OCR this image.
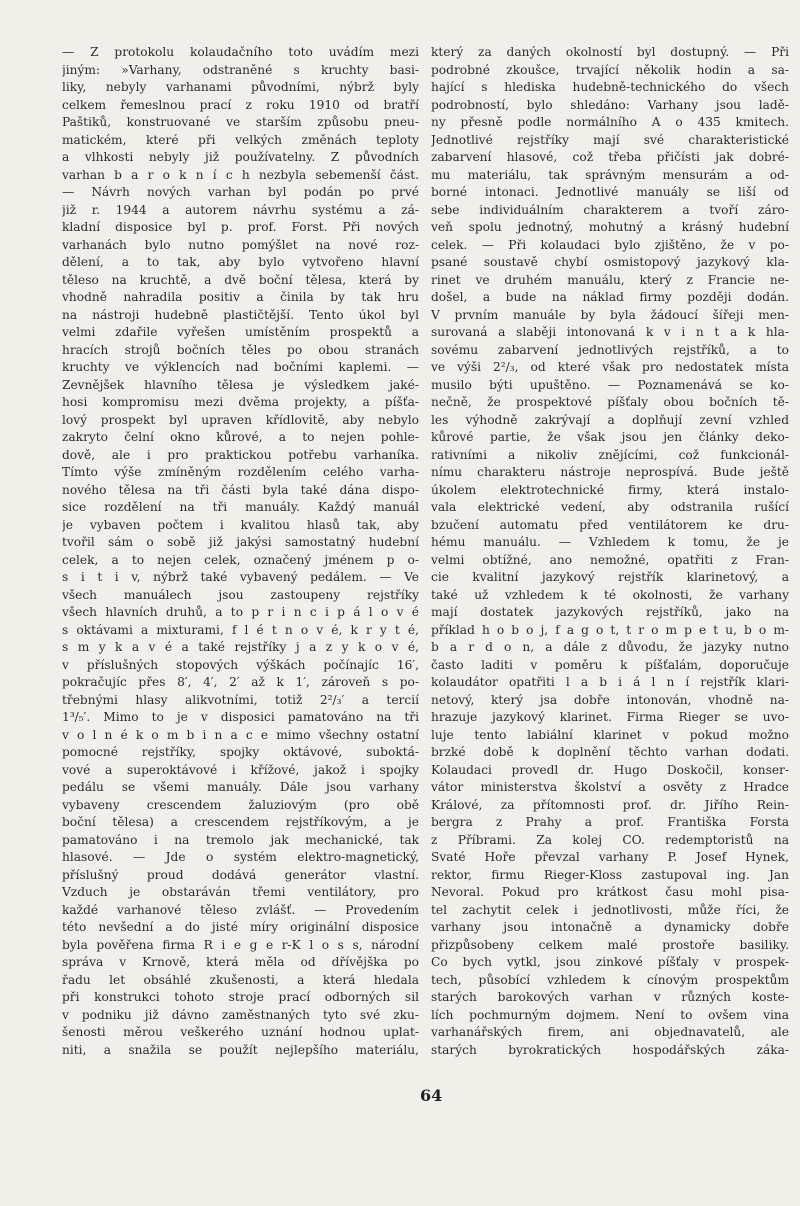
— Z protokolu kolaudačního toto uvádím mezi
jiným: »Varhany, odstraněné s kruchty basi-
liky, nebyly varhanami původními, nýbrž byly
celkem řemeslnou prací z roku 1910 od bratří
Paštiků, konstruované ve starším způsobu pneu-
matickém, které při velkých změnách teploty
a vlhkosti nebyly již používatelny. Z původních
varhan b a r o k n í c h nezbyla sebemenší část.
— Návrh nových varhan byl podán po prvé
již r. 1944 a autorem návrhu systému a zá-
kladní disposice byl p. prof. Forst. Při nových
varhanách bylo nutno pomýšlet na nové roz-
dělení, a to tak, aby bylo vytvořeno hlavní
těleso na kruchtě, a dvě boční tělesa, která by
vhodně nahradila positiv a činila by tak hru
na nástroji hudebně plastičtější. Tento úkol byl
velmi zdařile vyřešen umístěním prospektů a
hracích strojů bočních těles po obou stranách
kruchty ve výklencích nad bočními kaplemi. —
Zevnějšek hlavního tělesa je výsledkem jaké-
hosi kompromisu mezi dvěma projekty, a píšťa-
lový prospekt byl upraven křídlovitě, aby nebylo
zakryto čelní okno kůrové, a to nejen pohle-
dově, ale i pro praktickou potřebu varhaníka.
Tímto výše zmíněným rozdělením celého varha-
nového tělesa na tři části byla také dána dispo-
sice rozdělení na tři manuály. Každý manuál
je vybaven počtem i kvalitou hlasů tak, aby
tvořil sám o sobě již jakýsi samostatný hudební
celek, a to nejen celek, označený jménem p o-
s i t i v, nýbrž také vybavený pedálem. — Ve
všech manuálech jsou zastoupeny rejstříky
všech hlavních druhů, a to p r i n c i p á l o v é
s oktávami a mixturami, f l é t n o v é, k r y t é,
s m y k a v é a také rejstříky j a z y k o v é,
v příslušných stopových výškách počínajíc 16′,
pokračujíc přes 8′, 4′, 2′ až k 1′, zároveň s po-
třebnými hlasy alikvotními, totiž 2²/₃′ a tercií
1³/₅′. Mimo to je v disposici pamatováno na tři
v o l n é k o m b i n a c e mimo všechny ostatní
pomocné rejstříky, spojky oktávové, suboktá-
vové a superoktávové i křížové, jakož i spojky
pedálu se všemi manuály. Dále jsou varhany
vybaveny crescendem žaluziovým (pro obě
boční tělesa) a crescendem rejstříkovým, a je
pamatováno i na tremolo jak mechanické, tak
hlasové. — Jde o systém elektro-magnetický,
příslušný proud dodává generátor vlastní.
Vzduch je obstaráván třemi ventilátory, pro
každé varhanové těleso zvlášť. — Provedením
této nevšední a do jisté míry originální disposice
byla pověřena firma R i e g e r-K l o s s, národní
správa v Krnově, která měla od dřívějška po
řadu let obsáhlé zkušenosti, a která hledala
při konstrukci tohoto stroje prací odborných sil
v podniku již dávno zaměstnaných tyto své zku-
šenosti měrou veškerého uznání hodnou uplat-
niti, a snažila se použít nejlepšího materiálu,
který za daných okolností byl dostupný. — Při
podrobné zkoušce, trvající několik hodin a sa-
hající s hlediska hudebně-technického do všech
podrobností, bylo shledáno: Varhany jsou ladě-
ny přesně podle normálního A o 435 kmitech.
Jednotlivé rejstříky mají své charakteristické
zabarvení hlasové, což třeba přičísti jak dobré-
mu materiálu, tak správným mensurám a od-
borné intonaci. Jednotlivé manuály se liší od
sebe individuálním charakterem a tvoří záro-
veň spolu jednotný, mohutný a krásný hudební
celek. — Při kolaudaci bylo zjištěno, že v po-
psané soustavě chybí osmistopový jazykový kla-
rinet ve druhém manuálu, který z Francie ne-
došel, a bude na náklad firmy později dodán.
V prvním manuále by byla žádoucí šířeji men-
surovaná a slaběji intonovaná k v i n t a k hla-
sovému zabarvení jednotlivých rejstříků, a to
ve výši 2²/₃, od které však pro nedostatek místa
musilo býti upuštěno. — Poznamenává se ko-
nečně, že prospektové píšťaly obou bočních tě-
les výhodně zakrývají a doplňují zevní vzhled
kůrové partie, že však jsou jen články deko-
rativními a nikoliv znějícími, což funkcionál-
nímu charakteru nástroje neprospívá. Bude ještě
úkolem elektrotechnické firmy, která instalo-
vala elektrické vedení, aby odstranila rušící
bzučení automatu před ventilátorem ke dru-
hému manuálu. — Vzhledem k tomu, že je
velmi obtížné, ano nemožné, opatřiti z Fran-
cie kvalitní jazykový rejstřík klarinetový, a
také už vzhledem k té okolnosti, že varhany
mají dostatek jazykových rejstříků, jako na
příklad h o b o j, f a g o t, t r o m p e t u, b o m-
b a r d o n, a dále z důvodu, že jazyky nutno
často laditi v poměru k píšťalám, doporučuje
kolaudátor opatřiti l a b i á l n í rejstřík klari-
netový, který jsa dobře intonován, vhodně na-
hrazuje jazykový klarinet. Firma Rieger se uvo-
luje tento labiální klarinet v pokud možno
brzké době k doplnění těchto varhan dodati.
Kolaudaci provedl dr. Hugo Doskočil, konser-
vátor ministerstva školství a osvěty z Hradce
Králové, za přítomnosti prof. dr. Jiřího Rein-
bergra z Prahy a prof. Františka Forsta
z Příbrami. Za kolej CO. redemptoristů na
Svaté Hoře převzal varhany P. Josef Hynek,
rektor, firmu Rieger-Kloss zastupoval ing. Jan
Nevoral. Pokud pro krátkost času mohl pisa-
tel zachytit celek i jednotlivosti, může říci, že
varhany jsou intonačně a dynamicky dobře
přizpůsobeny celkem malé prostoře basiliky.
Co bych vytkl, jsou zinkové píšťaly v prospek-
tech, působící vzhledem k cínovým prospektům
starých barokových varhan v různých koste-
lích pochmurným dojmem. Není to ovšem vina
varhanářských firem, ani objednavatelů, ale
starých byrokratických hospodářských záka-
64
